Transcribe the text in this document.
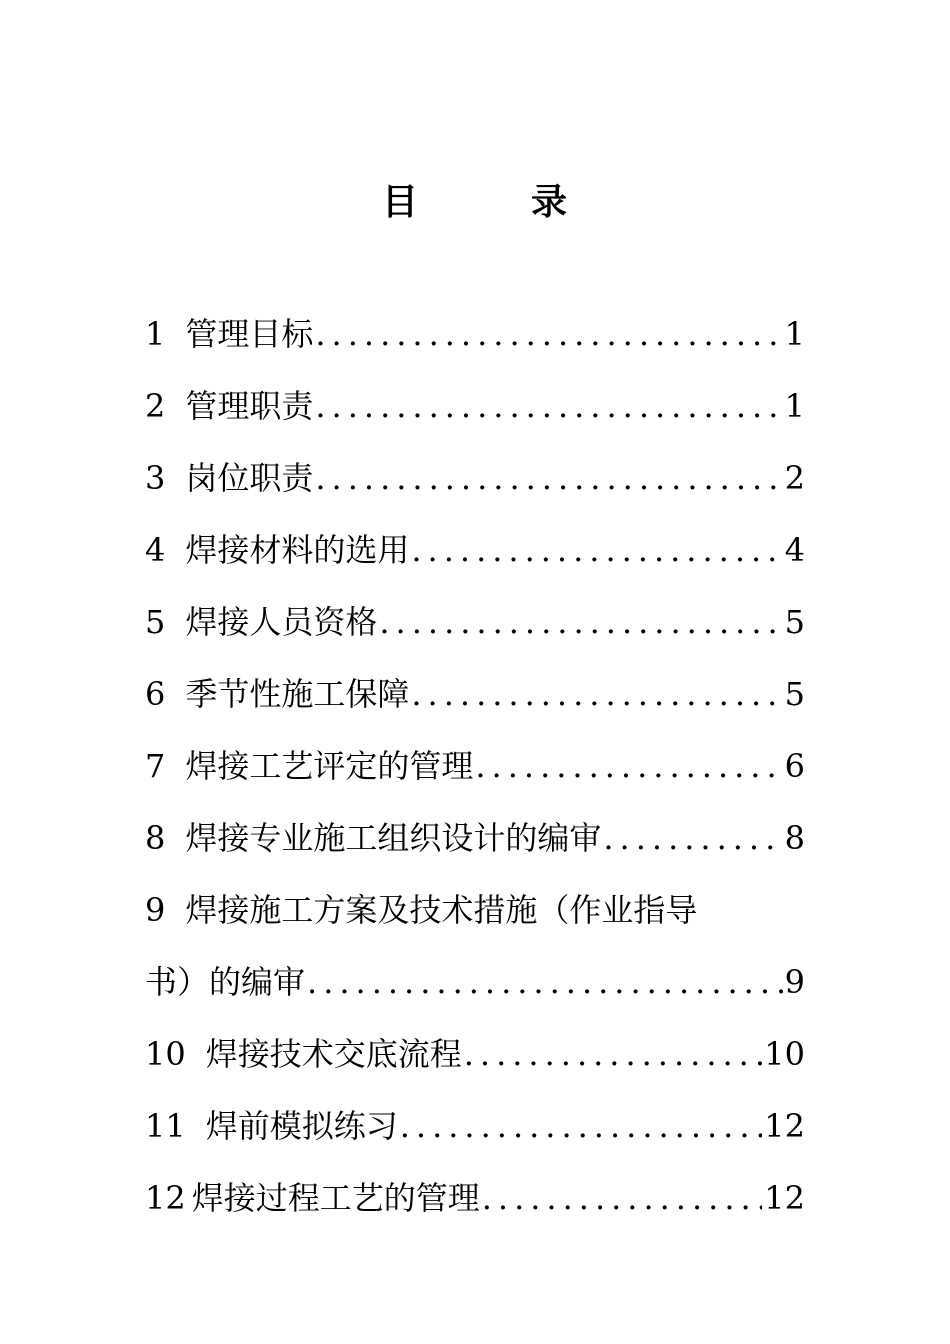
目	录
1 管理目标 .....	1
2 管理职责 .....	1
3 岗位职责 .....	2
4 焊接材料的选用 .....	4
5 焊接人员资格 .....	5
6 季节性施工保障 .....	5
7 焊接工艺评定的管理 .....	6
8 焊接专业施工组织设计的编审 .....	8
9 焊接施工方案及技术措施（作业指导
书）的编审 .....	9
10 焊接技术交底流程 .....	10
11 焊前模拟练习 .....	12
12 焊接过程工艺的管理 .....	12
